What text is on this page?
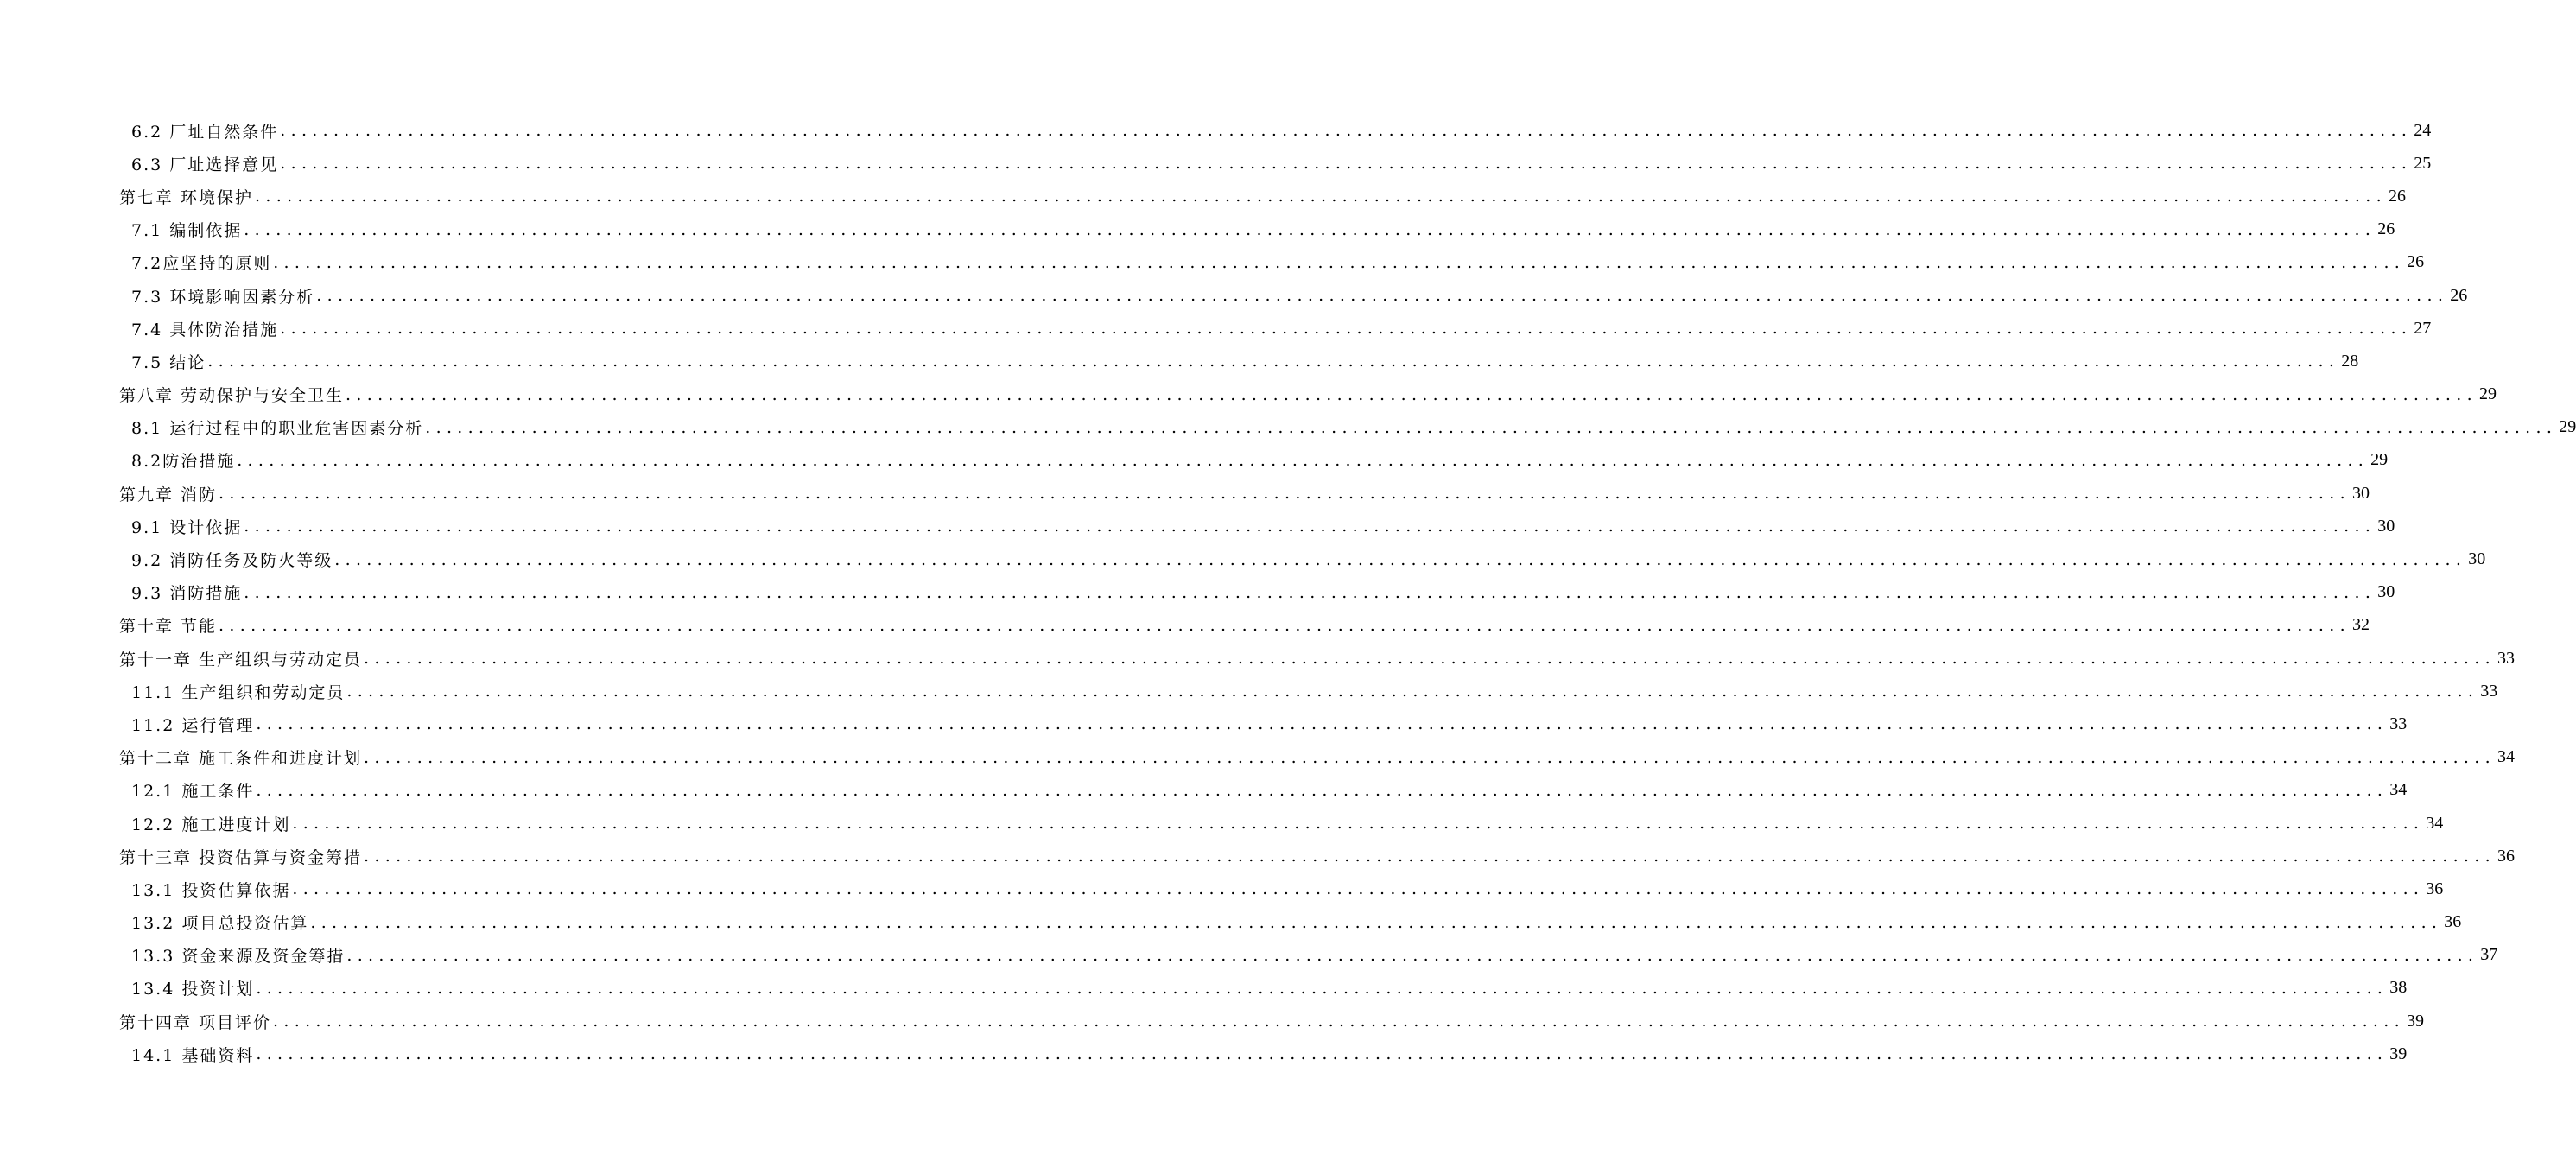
6.2 厂址自然条件 ........................................................................................................................................................................................................ 24
6.3 厂址选择意见 ........................................................................................................................................................................................................ 25
第七章 环境保护 ........................................................................................................................................................................................................ 26
7.1 编制依据 ........................................................................................................................................................................................................ 26
7.2应坚持的原则 ........................................................................................................................................................................................................ 26
7.3 环境影响因素分析 ........................................................................................................................................................................................................ 26
7.4 具体防治措施 ........................................................................................................................................................................................................ 27
7.5 结论 ........................................................................................................................................................................................................ 28
第八章 劳动保护与安全卫生 ........................................................................................................................................................................................................ 29
8.1 运行过程中的职业危害因素分析 ........................................................................................................................................................................................................ 29
8.2防治措施 ........................................................................................................................................................................................................ 29
第九章 消防 ........................................................................................................................................................................................................ 30
9.1 设计依据 ........................................................................................................................................................................................................ 30
9.2 消防任务及防火等级 ........................................................................................................................................................................................................ 30
9.3 消防措施 ........................................................................................................................................................................................................ 30
第十章 节能 ........................................................................................................................................................................................................ 32
第十一章 生产组织与劳动定员 ........................................................................................................................................................................................................ 33
11.1 生产组织和劳动定员 ........................................................................................................................................................................................................ 33
11.2 运行管理 ........................................................................................................................................................................................................ 33
第十二章 施工条件和进度计划 ........................................................................................................................................................................................................ 34
12.1 施工条件 ........................................................................................................................................................................................................ 34
12.2 施工进度计划 ........................................................................................................................................................................................................ 34
第十三章 投资估算与资金筹措 ........................................................................................................................................................................................................ 36
13.1 投资估算依据 ........................................................................................................................................................................................................ 36
13.2 项目总投资估算 ........................................................................................................................................................................................................ 36
13.3 资金来源及资金筹措 ........................................................................................................................................................................................................ 37
13.4 投资计划 ........................................................................................................................................................................................................ 38
第十四章 项目评价 ........................................................................................................................................................................................................ 39
14.1 基础资料 ........................................................................................................................................................................................................ 39
